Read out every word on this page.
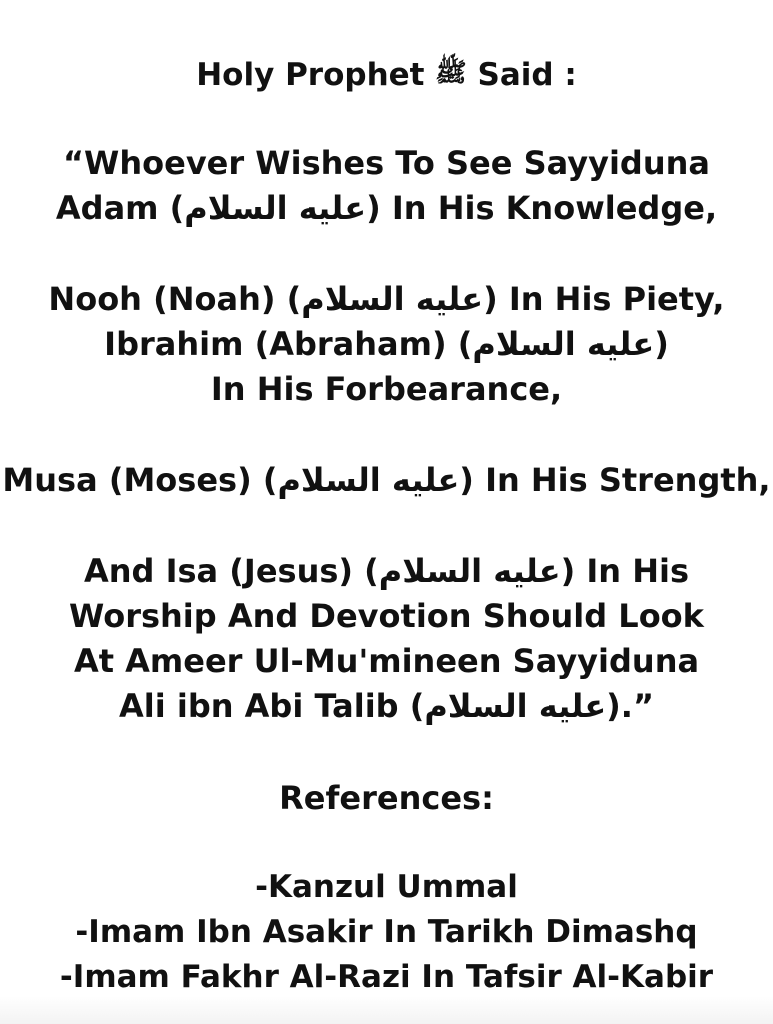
Holy Prophet ﷺ Said :
“Whoever Wishes To See Sayyiduna
Adam (عليه السلام) In His Knowledge,
Nooh (Noah) (عليه السلام) In His Piety,
Ibrahim (Abraham) (عليه السلام)
In His Forbearance,
Musa (Moses) (عليه السلام) In His Strength,
And Isa (Jesus) (عليه السلام) In His
Worship And Devotion Should Look
At Ameer Ul-Mu'mineen Sayyiduna
Ali ibn Abi Talib (عليه السلام).”
References:
-Kanzul Ummal
-Imam Ibn Asakir In Tarikh Dimashq
-Imam Fakhr Al-Razi In Tafsir Al-Kabir
